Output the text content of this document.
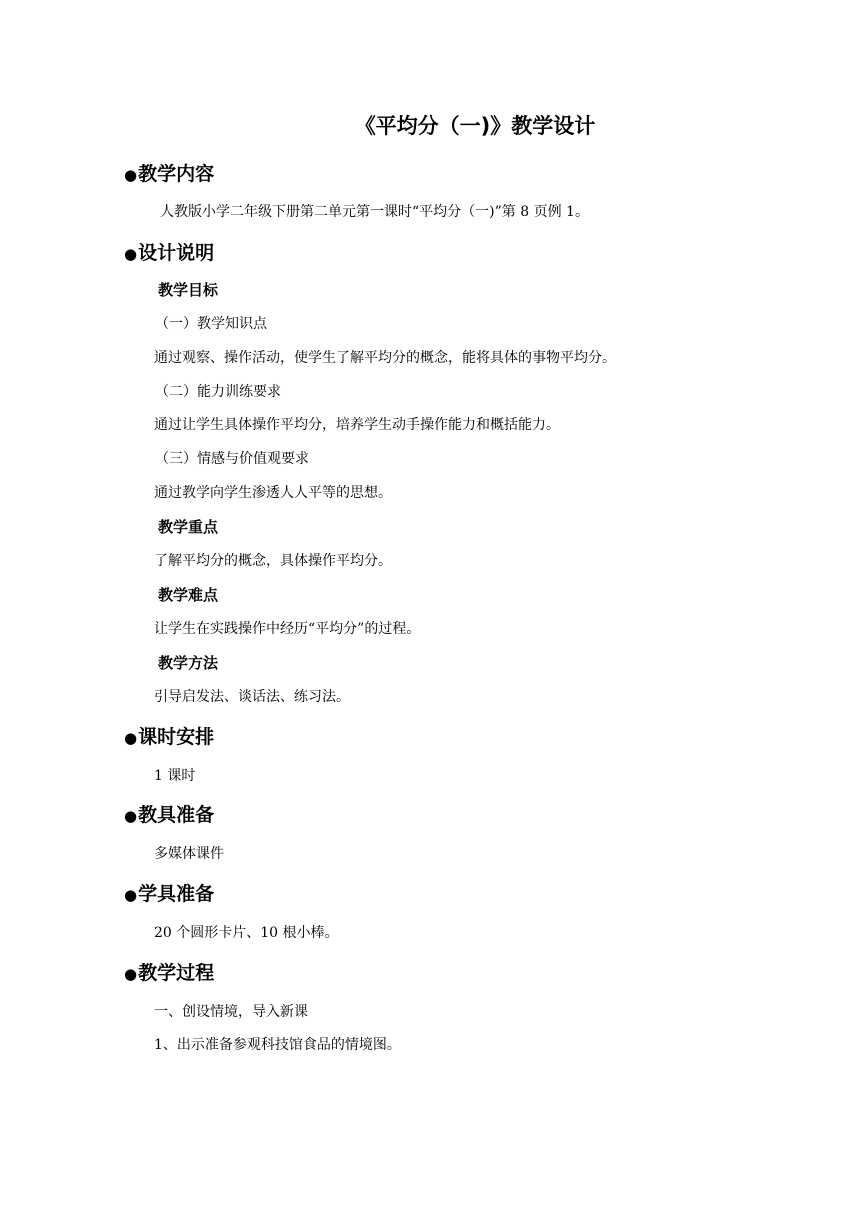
《平均分（一)》教学设计
●教学内容
人教版小学二年级下册第二单元第一课时“平均分（一)”第 8 页例 1。
●设计说明
教学目标
（一）教学知识点
通过观察、操作活动，使学生了解平均分的概念，能将具体的事物平均分。
（二）能力训练要求
通过让学生具体操作平均分，培养学生动手操作能力和概括能力。
（三）情感与价值观要求
通过教学向学生渗透人人平等的思想。
教学重点
了解平均分的概念，具体操作平均分。
教学难点
让学生在实践操作中经历“平均分”的过程。
教学方法
引导启发法、谈话法、练习法。
●课时安排
1 课时
●教具准备
多媒体课件
●学具准备
20 个圆形卡片、10 根小棒。
●教学过程
一、创设情境，导入新课
1、出示准备参观科技馆食品的情境图。
